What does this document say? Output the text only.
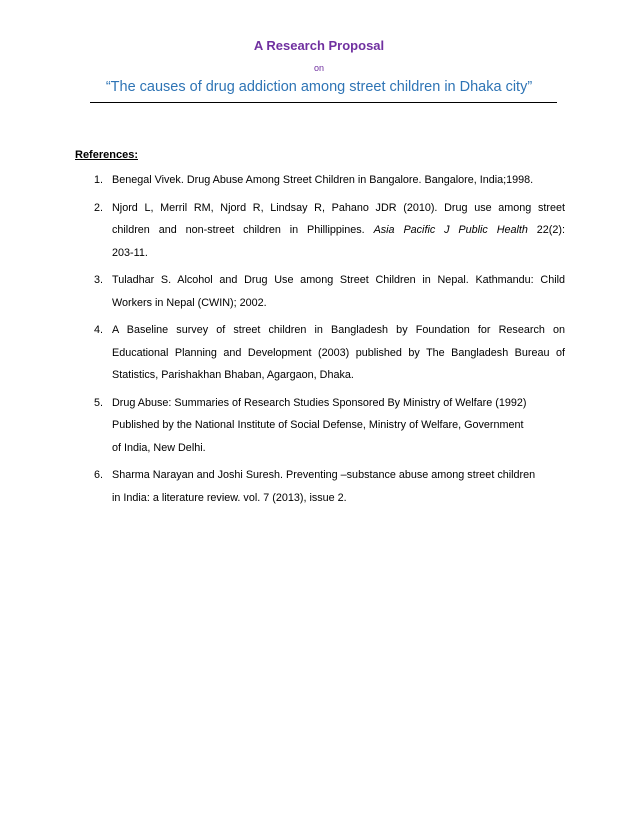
A Research Proposal
on
“The causes of drug addiction among street children in Dhaka city”
References:
1. Benegal Vivek. Drug Abuse Among Street Children in Bangalore. Bangalore, India;1998.
2. Njord L, Merril RM, Njord R, Lindsay R, Pahano JDR (2010). Drug use among street
children and non-street children in Phillippines. Asia Pacific J Public Health 22(2):
203-11.
3. Tuladhar S. Alcohol and Drug Use among Street Children in Nepal. Kathmandu: Child
Workers in Nepal (CWIN); 2002.
4. A Baseline survey of street children in Bangladesh by Foundation for Research on
Educational Planning and Development (2003) published by The Bangladesh Bureau of
Statistics, Parishakhan Bhaban, Agargaon, Dhaka.
5. Drug Abuse: Summaries of Research Studies Sponsored By Ministry of Welfare (1992)
Published by the National Institute of Social Defense, Ministry of Welfare, Government
of India, New Delhi.
6. Sharma Narayan and Joshi Suresh. Preventing –substance abuse among street children
in India: a literature review. vol. 7 (2013), issue 2.
